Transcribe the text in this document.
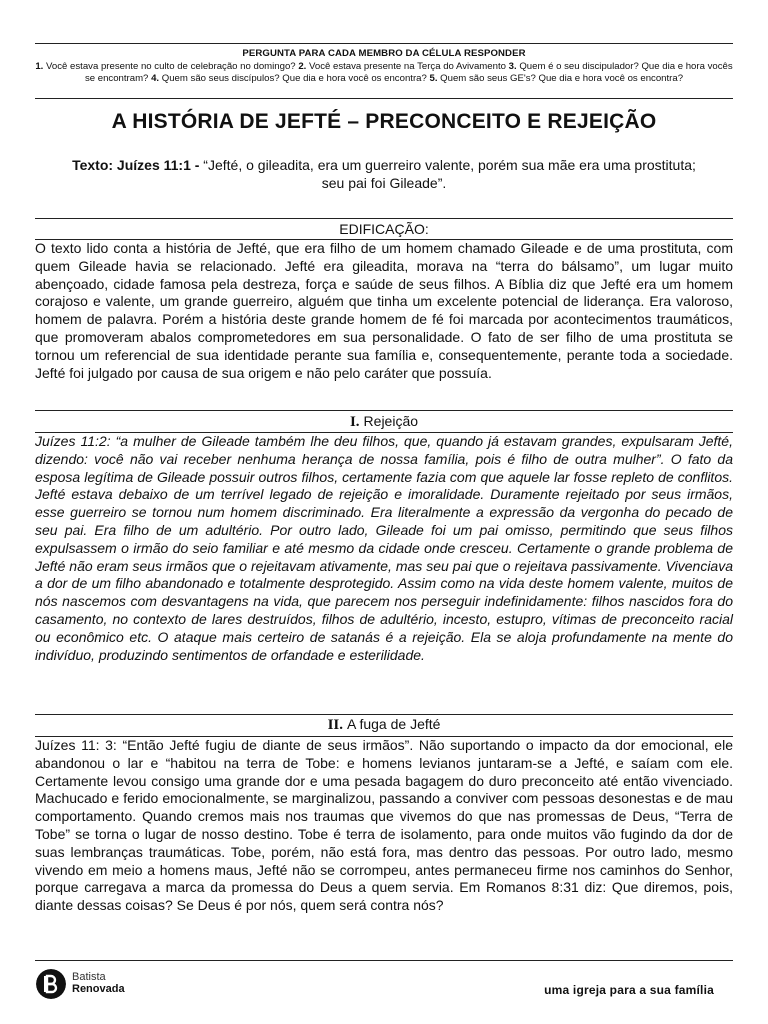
PERGUNTA PARA CADA MEMBRO DA CÉLULA RESPONDER
1. Você estava presente no culto de celebração no domingo? 2. Você estava presente na Terça do Avivamento 3. Quem é o seu discipulador? Que dia e hora vocês se encontram? 4. Quem são seus discípulos? Que dia e hora você os encontra? 5. Quem são seus GE's? Que dia e hora você os encontra?
A HISTÓRIA DE JEFTÉ – PRECONCEITO E REJEIÇÃO
Texto: Juízes 11:1 - “Jefté, o gileadita, era um guerreiro valente, porém sua mãe era uma prostituta; seu pai foi Gileade”.
EDIFICAÇÃO:
O texto lido conta a história de Jefté, que era filho de um homem chamado Gileade e de uma prostituta, com quem Gileade havia se relacionado. Jefté era gileadita, morava na “terra do bálsamo”, um lugar muito abençoado, cidade famosa pela destreza, força e saúde de seus filhos. A Bíblia diz que Jefté era um homem corajoso e valente, um grande guerreiro, alguém que tinha um excelente potencial de liderança. Era valoroso, homem de palavra. Porém a história deste grande homem de fé foi marcada por acontecimentos traumáticos, que promoveram abalos comprometedores em sua personalidade. O fato de ser filho de uma prostituta se tornou um referencial de sua identidade perante sua família e, consequentemente, perante toda a sociedade. Jefté foi julgado por causa de sua origem e não pelo caráter que possuía.
I. Rejeição
Juízes 11:2: “a mulher de Gileade também lhe deu filhos, que, quando já estavam grandes, expulsaram Jefté, dizendo: você não vai receber nenhuma herança de nossa família, pois é filho de outra mulher”. O fato da esposa legítima de Gileade possuir outros filhos, certamente fazia com que aquele lar fosse repleto de conflitos. Jefté estava debaixo de um terrível legado de rejeição e imoralidade. Duramente rejeitado por seus irmãos, esse guerreiro se tornou num homem discriminado. Era literalmente a expressão da vergonha do pecado de seu pai. Era filho de um adultério. Por outro lado, Gileade foi um pai omisso, permitindo que seus filhos expulsassem o irmão do seio familiar e até mesmo da cidade onde cresceu. Certamente o grande problema de Jefté não eram seus irmãos que o rejeitavam ativamente, mas seu pai que o rejeitava passivamente. Vivenciava a dor de um filho abandonado e totalmente desprotegido. Assim como na vida deste homem valente, muitos de nós nascemos com desvantagens na vida, que parecem nos perseguir indefinidamente: filhos nascidos fora do casamento, no contexto de lares destruídos, filhos de adultério, incesto, estupro, vítimas de preconceito racial ou econômico etc. O ataque mais certeiro de satanás é a rejeição. Ela se aloja profundamente na mente do indivíduo, produzindo sentimentos de orfandade e esterilidade.
II. A fuga de Jefté
Juízes 11: 3: “Então Jefté fugiu de diante de seus irmãos”. Não suportando o impacto da dor emocional, ele abandonou o lar e “habitou na terra de Tobe: e homens levianos juntaram-se a Jefté, e saíam com ele. Certamente levou consigo uma grande dor e uma pesada bagagem do duro preconceito até então vivenciado. Machucado e ferido emocionalmente, se marginalizou, passando a conviver com pessoas desonestas e de mau comportamento. Quando cremos mais nos traumas que vivemos do que nas promessas de Deus, “Terra de Tobe” se torna o lugar de nosso destino. Tobe é terra de isolamento, para onde muitos vão fugindo da dor de suas lembranças traumáticas. Tobe, porém, não está fora, mas dentro das pessoas. Por outro lado, mesmo vivendo em meio a homens maus, Jefté não se corrompeu, antes permaneceu firme nos caminhos do Senhor, porque carregava a marca da promessa do Deus a quem servia. Em Romanos 8:31 diz: Que diremos, pois, diante dessas coisas? Se Deus é por nós, quem será contra nós?
Batista
Renovada	uma igreja para a sua família
